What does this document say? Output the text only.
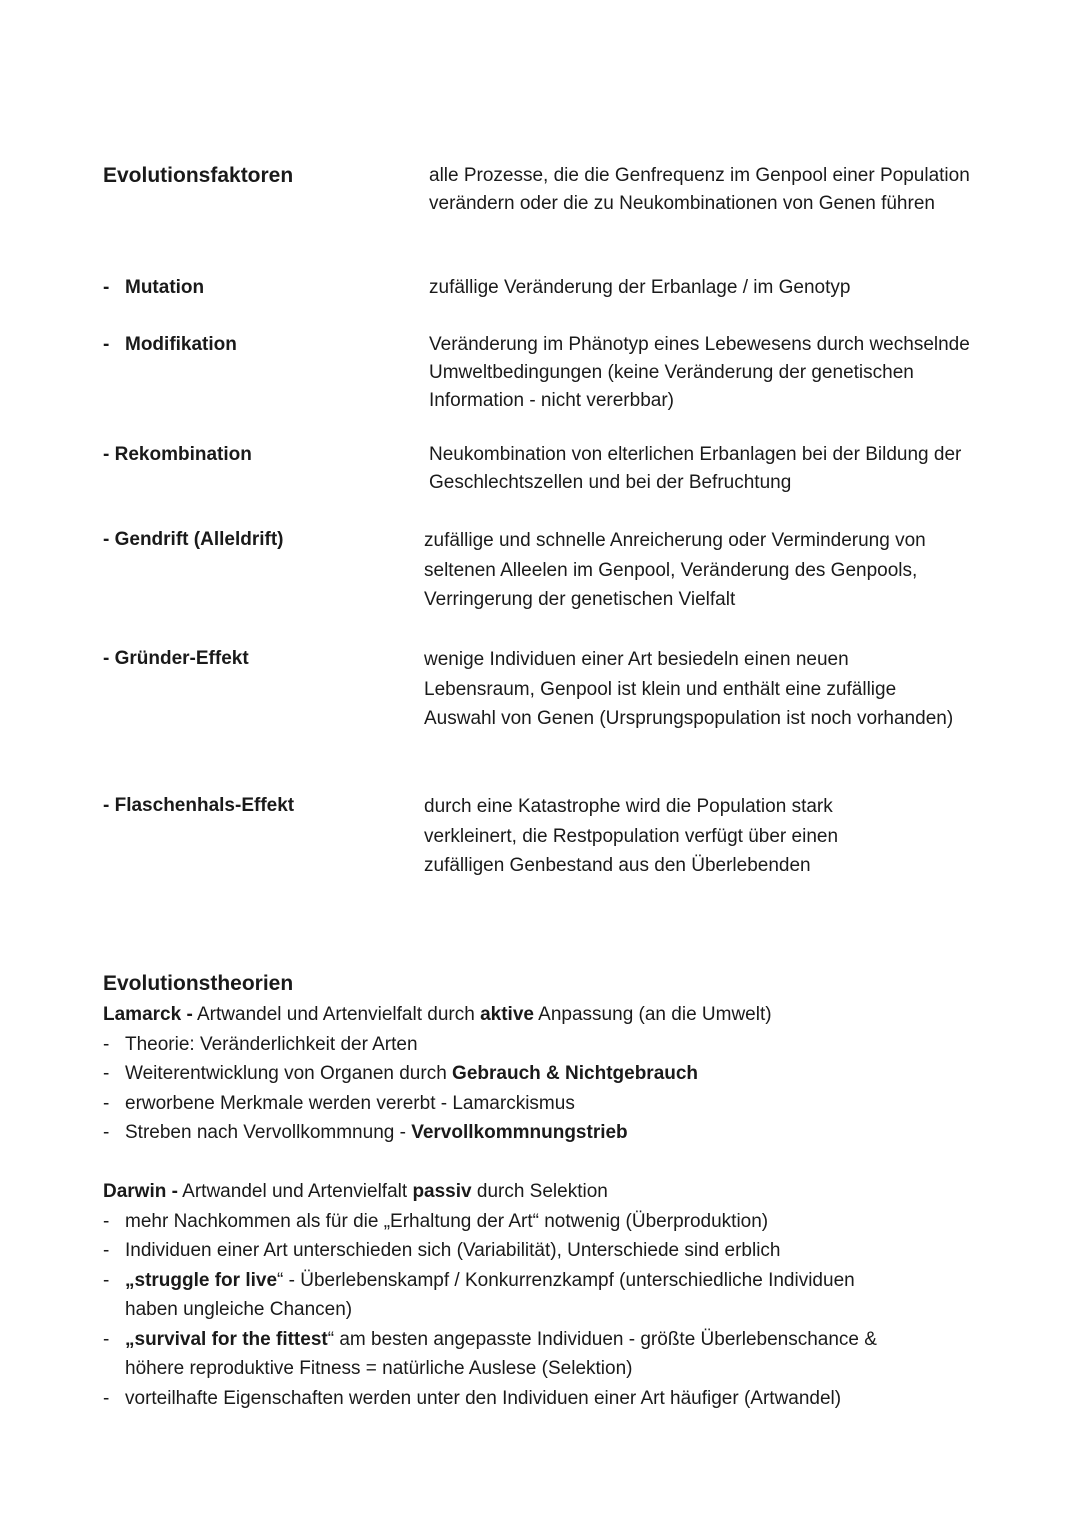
Evolutionsfaktoren	alle Prozesse, die die Genfrequenz im Genpool einer Population verändern oder die zu Neukombinationen von Genen führen
- Mutation	zufällige Veränderung der Erbanlage / im Genotyp
- Modifikation	Veränderung im Phänotyp eines Lebewesens durch wechselnde Umweltbedingungen (keine Veränderung der genetischen Information - nicht vererbbar)
- Rekombination	Neukombination von elterlichen Erbanlagen bei der Bildung der Geschlechtszellen und bei der Befruchtung
- Gendrift (Alleldrift)	zufällige und schnelle Anreicherung oder Verminderung von seltenen Alleelen im Genpool, Veränderung des Genpools, Verringerung der genetischen Vielfalt
- Gründer-Effekt	wenige Individuen einer Art besiedeln einen neuen Lebensraum, Genpool ist klein und enthält eine zufällige Auswahl von Genen (Ursprungspopulation ist noch vorhanden)
- Flaschenhals-Effekt	durch eine Katastrophe wird die Population stark verkleinert, die Restpopulation verfügt über einen zufälligen Genbestand aus den Überlebenden
Evolutionstheorien
Lamarck - Artwandel und Artenvielfalt durch aktive Anpassung (an die Umwelt)
- Theorie: Veränderlichkeit der Arten
- Weiterentwicklung von Organen durch Gebrauch & Nichtgebrauch
- erworbene Merkmale werden vererbt - Lamarckismus
- Streben nach Vervollkommnung - Vervollkommnungstrieb
Darwin - Artwandel und Artenvielfalt passiv durch Selektion
- mehr Nachkommen als für die „Erhaltung der Art“ notwenig (Überproduktion)
- Individuen einer Art unterschieden sich (Variabilität), Unterschiede sind erblich
- „struggle for live“ - Überlebenskampf / Konkurrenzkampf (unterschiedliche Individuen
haben ungleiche Chancen)
- „survival for the fittest“ am besten angepasste Individuen - größte Überlebenschance &
höhere reproduktive Fitness = natürliche Auslese (Selektion)
- vorteilhafte Eigenschaften werden unter den Individuen einer Art häufiger (Artwandel)
